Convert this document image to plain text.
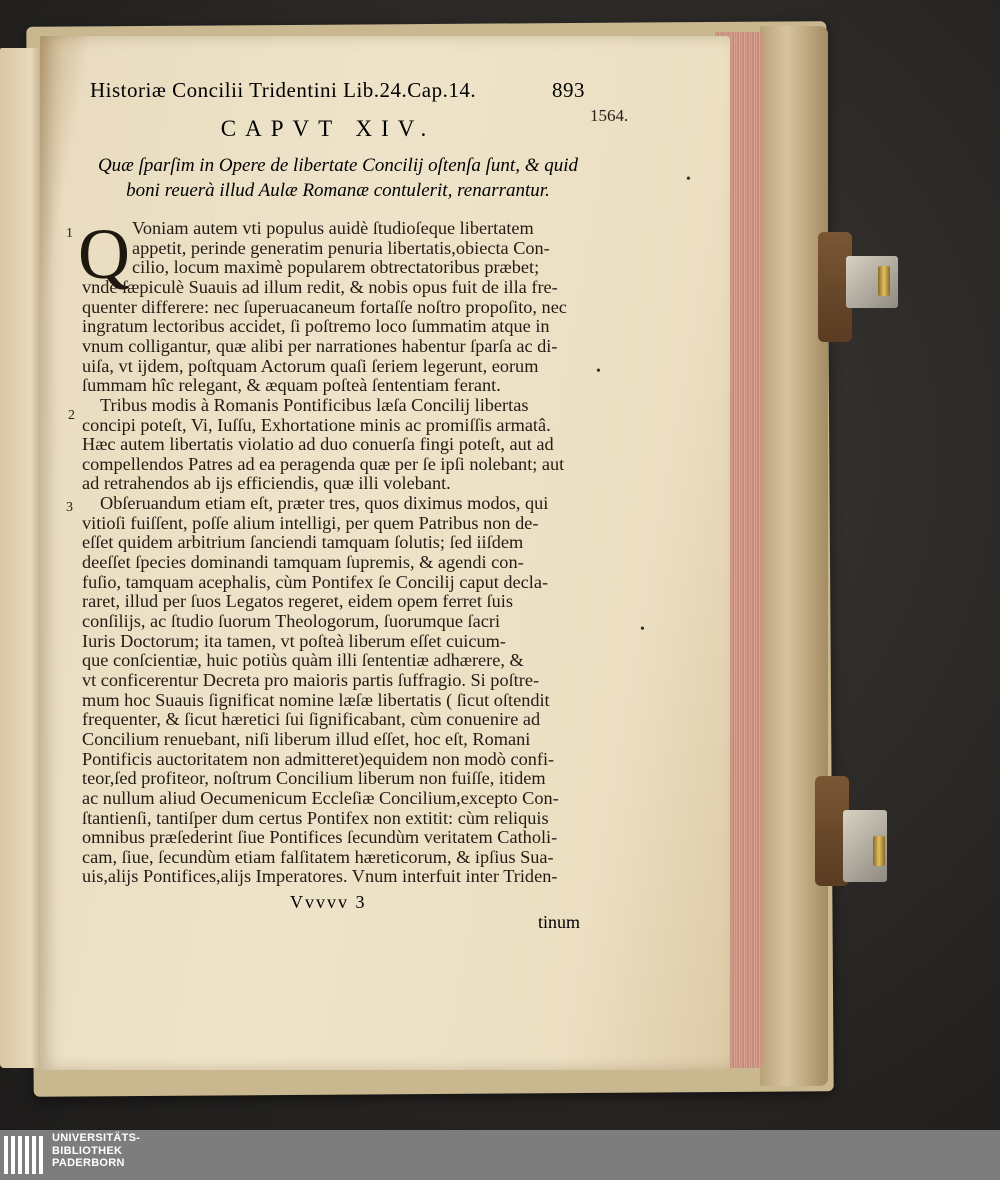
Historiæ Concilii Tridentini Lib.24.Cap.14.	893
1564.
CAPVT XIV.
Quæ ſparſim in Opere de libertate Concilij oſtenſa ſunt, & quid
boni reuerà illud Aulæ Romanæ contulerit, renarrantur.
1
2
3
Q Voniam autem vti populus auidè ſtudioſeque libertatem
appetit, perinde generatim penuria libertatis,obiecta Con-
cilio, locum maximè popularem obtrectatoribus præbet;
vnde ſæpiculè Suauis ad illum redit, & nobis opus fuit de illa fre-
quenter differere: nec ſuperuacaneum fortaſſe noſtro propoſito, nec
ingratum lectoribus accidet, ſi poſtremo loco ſummatim atque in
vnum colligantur, quæ alibi per narrationes habentur ſparſa ac di-
uiſa, vt ijdem, poſtquam Actorum quaſi ſeriem legerunt, eorum
ſummam hîc relegant, & æquam poſteà ſententiam ferant.
Tribus modis à Romanis Pontificibus læſa Concilij libertas
concipi poteſt, Vi, Iuſſu, Exhortatione minis ac promiſſis armatâ.
Hæc autem libertatis violatio ad duo conuerſa fingi poteſt, aut ad
compellendos Patres ad ea peragenda quæ per ſe ipſi nolebant; aut
ad retrahendos ab ijs efficiendis, quæ illi volebant.
Obſeruandum etiam eſt, præter tres, quos diximus modos, qui
vitioſi fuiſſent, poſſe alium intelligi, per quem Patribus non de-
eſſet quidem arbitrium ſanciendi tamquam ſolutis; ſed iiſdem
deeſſet ſpecies dominandi tamquam ſupremis, & agendi con-
fuſio, tamquam acephalis, cùm Pontifex ſe Concilij caput decla-
raret, illud per ſuos Legatos regeret, eidem opem ferret ſuis
conſilijs, ac ſtudio ſuorum Theologorum, ſuorumque ſacri
Iuris Doctorum; ita tamen, vt poſteà liberum eſſet cuicum-
que conſcientiæ, huic potiùs quàm illi ſententiæ adhærere, &
vt conficerentur Decreta pro maioris partis ſuffragio. Si poſtre-
mum hoc Suauis ſignificat nomine læſæ libertatis ( ſicut oſtendit
frequenter, & ſicut hæretici ſui ſignificabant, cùm conuenire ad
Concilium renuebant, niſi liberum illud eſſet, hoc eſt, Romani
Pontificis auctoritatem non admitteret)equidem non modò confi-
teor,ſed profiteor, noſtrum Concilium liberum non fuiſſe, itidem
ac nullum aliud Oecumenicum Eccleſiæ Concilium,excepto Con-
ſtantienſi, tantiſper dum certus Pontifex non extitit: cùm reliquis
omnibus præſederint ſiue Pontifices ſecundùm veritatem Catholi-
cam, ſiue, ſecundùm etiam falſitatem hæreticorum, & ipſius Sua-
uis,alijs Pontifices,alijs Imperatores. Vnum interfuit inter Triden-
Vvvvv 3
tinum
•
•
•
UNIVERSITÄTS-
BIBLIOTHEK
PADERBORN
